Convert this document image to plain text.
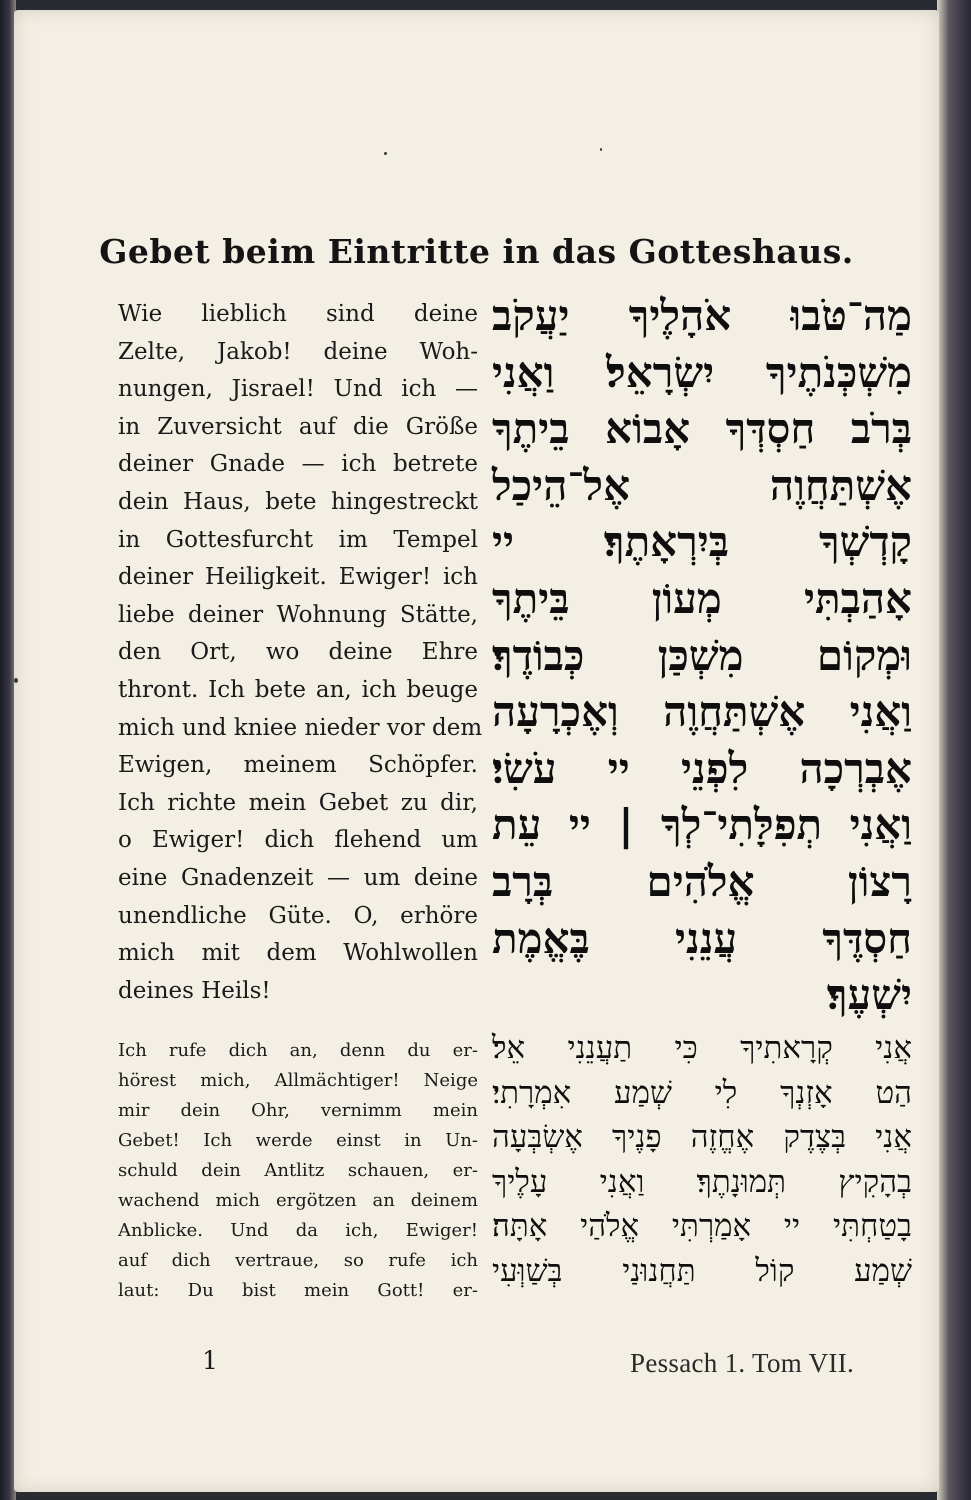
Gebet beim Eintritte in das Gotteshaus.
Wie lieblich sind deine
Zelte, Jakob! deine Woh-
nungen, Jisrael! Und ich —
in Zuversicht auf die Größe
deiner Gnade — ich betrete
dein Haus, bete hingestreckt
in Gottesfurcht im Tempel
deiner Heiligkeit. Ewiger! ich
liebe deiner Wohnung Stätte,
den Ort, wo deine Ehre
thront. Ich bete an, ich beuge
mich und kniee nieder vor dem
Ewigen, meinem Schöpfer.
Ich richte mein Gebet zu dir,
o Ewiger! dich flehend um
eine Gnadenzeit — um deine
unendliche Güte. O, erhöre
mich mit dem Wohlwollen
deines Heils!
Ich rufe dich an, denn du er-
hörest mich, Allmächtiger! Neige
mir dein Ohr, vernimm mein
Gebet! Ich werde einst in Un-
schuld dein Antlitz schauen, er-
wachend mich ergötzen an deinem
Anblicke. Und da ich, Ewiger!
auf dich vertraue, so rufe ich
laut: Du bist mein Gott! er-
מַה־טֹּבוּ אֹהָלֶיךָ יַעֲקֹב
מִשְׁכְּנֹתֶיךָ יִשְׂרָאֵל׃ וַאֲנִי
בְּרֹב חַסְדְּךָ אָבוֹא בֵיתֶךָ
אֶשְׁתַּחֲוֶה אֶל־הֵיכַל
קָדְשְׁךָ בְּיִרְאָתֶךָ׃ יי
אָהַבְתִּי מְעוֹן בֵּיתֶךָ
וּמְקוֹם מִשְׁכַּן כְּבוֹדֶךָ׃
וַאֲנִי אֶשְׁתַּחֲוֶה וְאֶכְרָעָה
אֶבְרְכָה לִפְנֵי יי עֹשִׂי׃
וַאֲנִי תְפִלָּתִי־לְךָ | יי עֵת
רָצוֹן אֱלֹהִים בְּרָב
חַסְדֶּךָ עֲנֵנִי בֶּאֱמֶת
יִשְׁעֶךָ׃
אֲנִי קְרָאתִיךָ כִּי תַעֲנֵנִי אֵל׃
הַט אָזְנְךָ לִי שְׁמַע אִמְרָתִי׃
אֲנִי בְּצֶדֶק אֶחֱזֶה פָנֶיךָ אֶשְׂבְּעָה
בְהָקִיץ תְּמוּנָתֶךָ׃ וַאֲנִי עָלֶיךָ
בָטַחְתִּי יי אָמַרְתִּי אֱלֹהַי אָתָּה׃
שְׁמַע קוֹל תַּחֲנוּנַי בְּשַׁוְּעִי
1	Pessach 1. Tom VII.
